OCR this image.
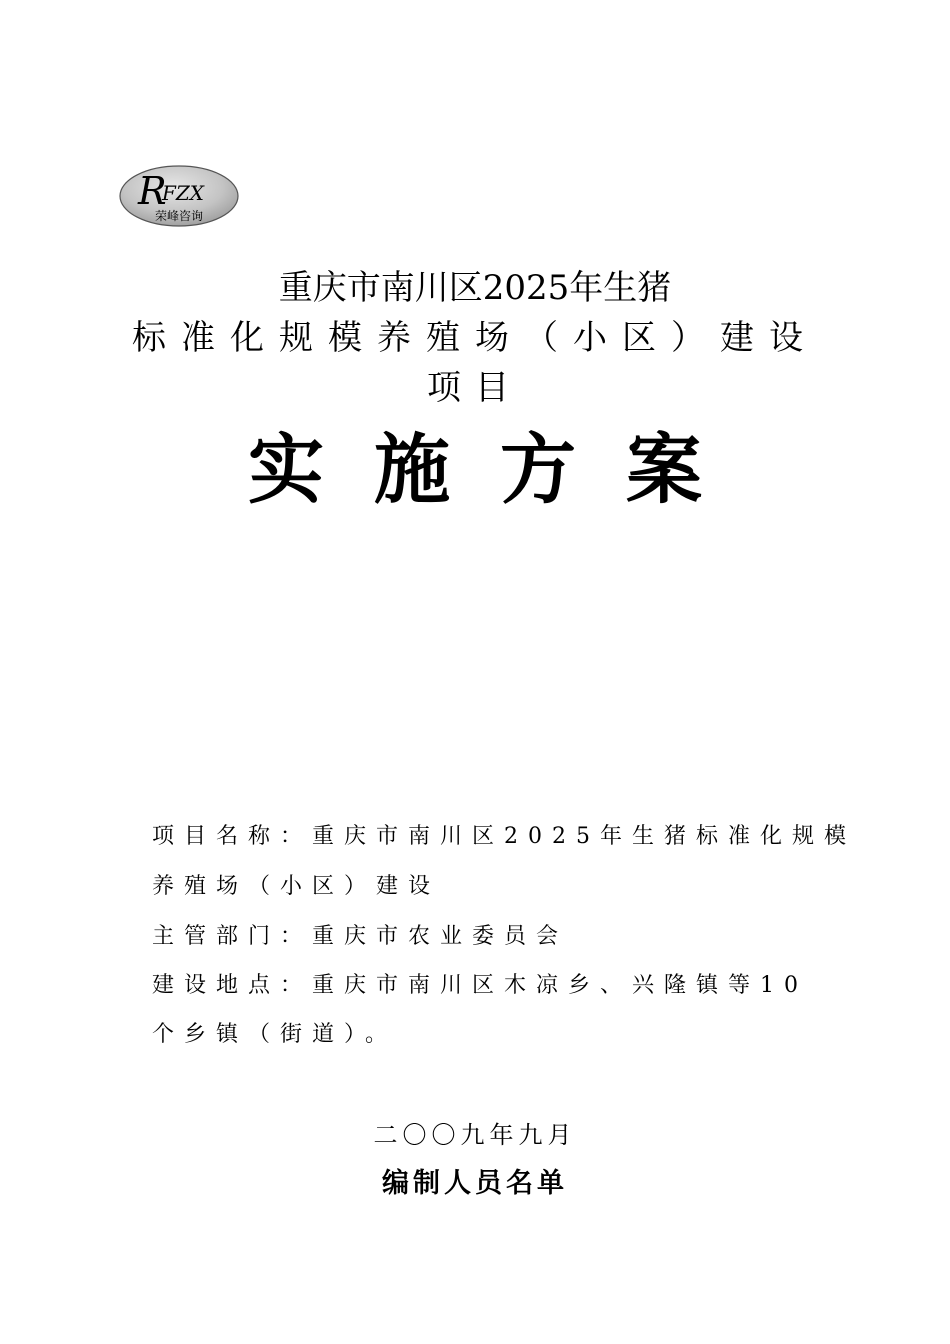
R
FZX
荣峰咨询
重庆市南川区2025年生猪
标准化规模养殖场（小区）建设
项目
实施方案
项目名称：重庆市南川区2025年生猪标准化规模
养殖场（小区）建设
主管部门：重庆市农业委员会
建设地点：重庆市南川区木凉乡、兴隆镇等10
个乡镇（街道）。
二〇〇九年九月
编制人员名单
